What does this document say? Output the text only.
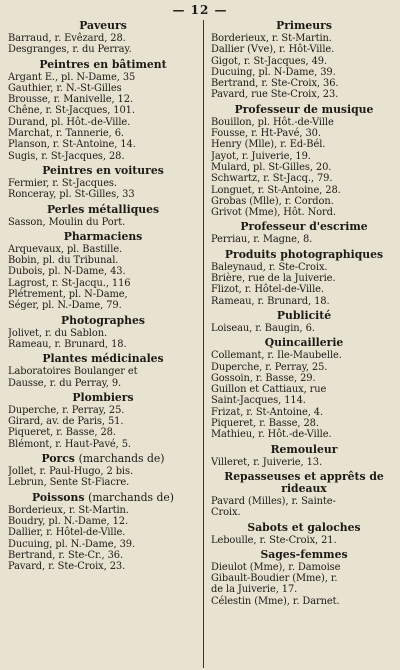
— 12 —
Paveurs
Barraud, r. Evêzard, 28.
Desgranges, r. du Perray.
Peintres en bâtiment
Argant E., pl. N-Dame, 35
Gauthier, r. N.-St-Gilles
Brousse, r. Manivelle, 12.
Chêne, r. St-Jacques, 101.
Durand, pl. Hôt.-de-Ville.
Marchat, r. Tannerie, 6.
Planson, r. St-Antoine, 14.
Sugis, r. St-Jacques, 28.
Peintres en voitures
Fermier, r. St-Jacques.
Ronceray, pl. St-Gilles, 33
Perles métalliques
Sasson, Moulin du Port.
Pharmaciens
Arquevaux, pl. Bastille.
Bobin, pl. du Tribunal.
Dubois, pl. N-Dame, 43.
Lagrost, r. St-Jacqu., 116
Plétrement, pl. N-Dame,
Séger, pl. N.-Dame, 79.
Photographes
Jolivet, r. du Sablon.
Rameau, r. Brunard, 18.
Plantes médicinales
Laboratoires Boulanger et
Dausse, r. du Perray, 9.
Plombiers
Duperche, r. Perray, 25.
Girard, av. de Paris, 51.
Piqueret, r. Basse, 28.
Blémont, r. Haut-Pavé, 5.
Porcs (marchands de)
Jollet, r. Paul-Hugo, 2 bis.
Lebrun, Sente St-Fiacre.
Poissons (marchands de)
Borderieux, r. St-Martin.
Boudry, pl. N.-Dame, 12.
Dallier, r. Hôtel-de-Ville.
Ducuing, pl. N.-Dame, 39.
Bertrand, r. Ste-Cr., 36.
Pavard, r. Ste-Croix, 23.
Primeurs
Borderieux, r. St-Martin.
Dallier (Vve), r. Hôt-Ville.
Gigot, r. St-Jacques, 49.
Ducuing, pl. N-Dame, 39.
Bertrand, r. Ste-Croix, 36.
Pavard, rue Ste-Croix, 23.
Professeur de musique
Bouillon, pl. Hôt.-de-Ville
Fousse, r. Ht-Pavé, 30.
Henry (Mlle), r. Ed-Bél.
Jayot, r. Juiverie, 19.
Mulard, pl. St-Gilles, 20.
Schwartz, r. St-Jacq., 79.
Longuet, r. St-Antoine, 28.
Grobas (Mlle), r. Cordon.
Grivot (Mme), Hôt. Nord.
Professeur d'escrime
Perriau, r. Magne, 8.
Produits photographiques
Baleynaud, r. Ste-Croix.
Brière, rue de la Juiverie.
Flizot, r. Hôtel-de-Ville.
Rameau, r. Brunard, 18.
Publicité
Loiseau, r. Baugin, 6.
Quincaillerie
Collemant, r. Ile-Maubelle.
Duperche, r. Perray, 25.
Gossoin, r. Basse, 29.
Guillon et Cattiaux, rue
Saint-Jacques, 114.
Frizat, r. St-Antoine, 4.
Piqueret, r. Basse, 28.
Mathieu, r. Hôt.-de-Ville.
Remouleur
Villeret, r. Juiverie, 13.
Repasseuses et apprêts de rideaux
Pavard (Milles), r. Sainte-
Croix.
Sabots et galoches
Leboulle, r. Ste-Croix, 21.
Sages-femmes
Dieulot (Mme), r. Damoise
Gibault-Boudier (Mme), r.
de la Juiverie, 17.
Célestin (Mme), r. Darnet.
